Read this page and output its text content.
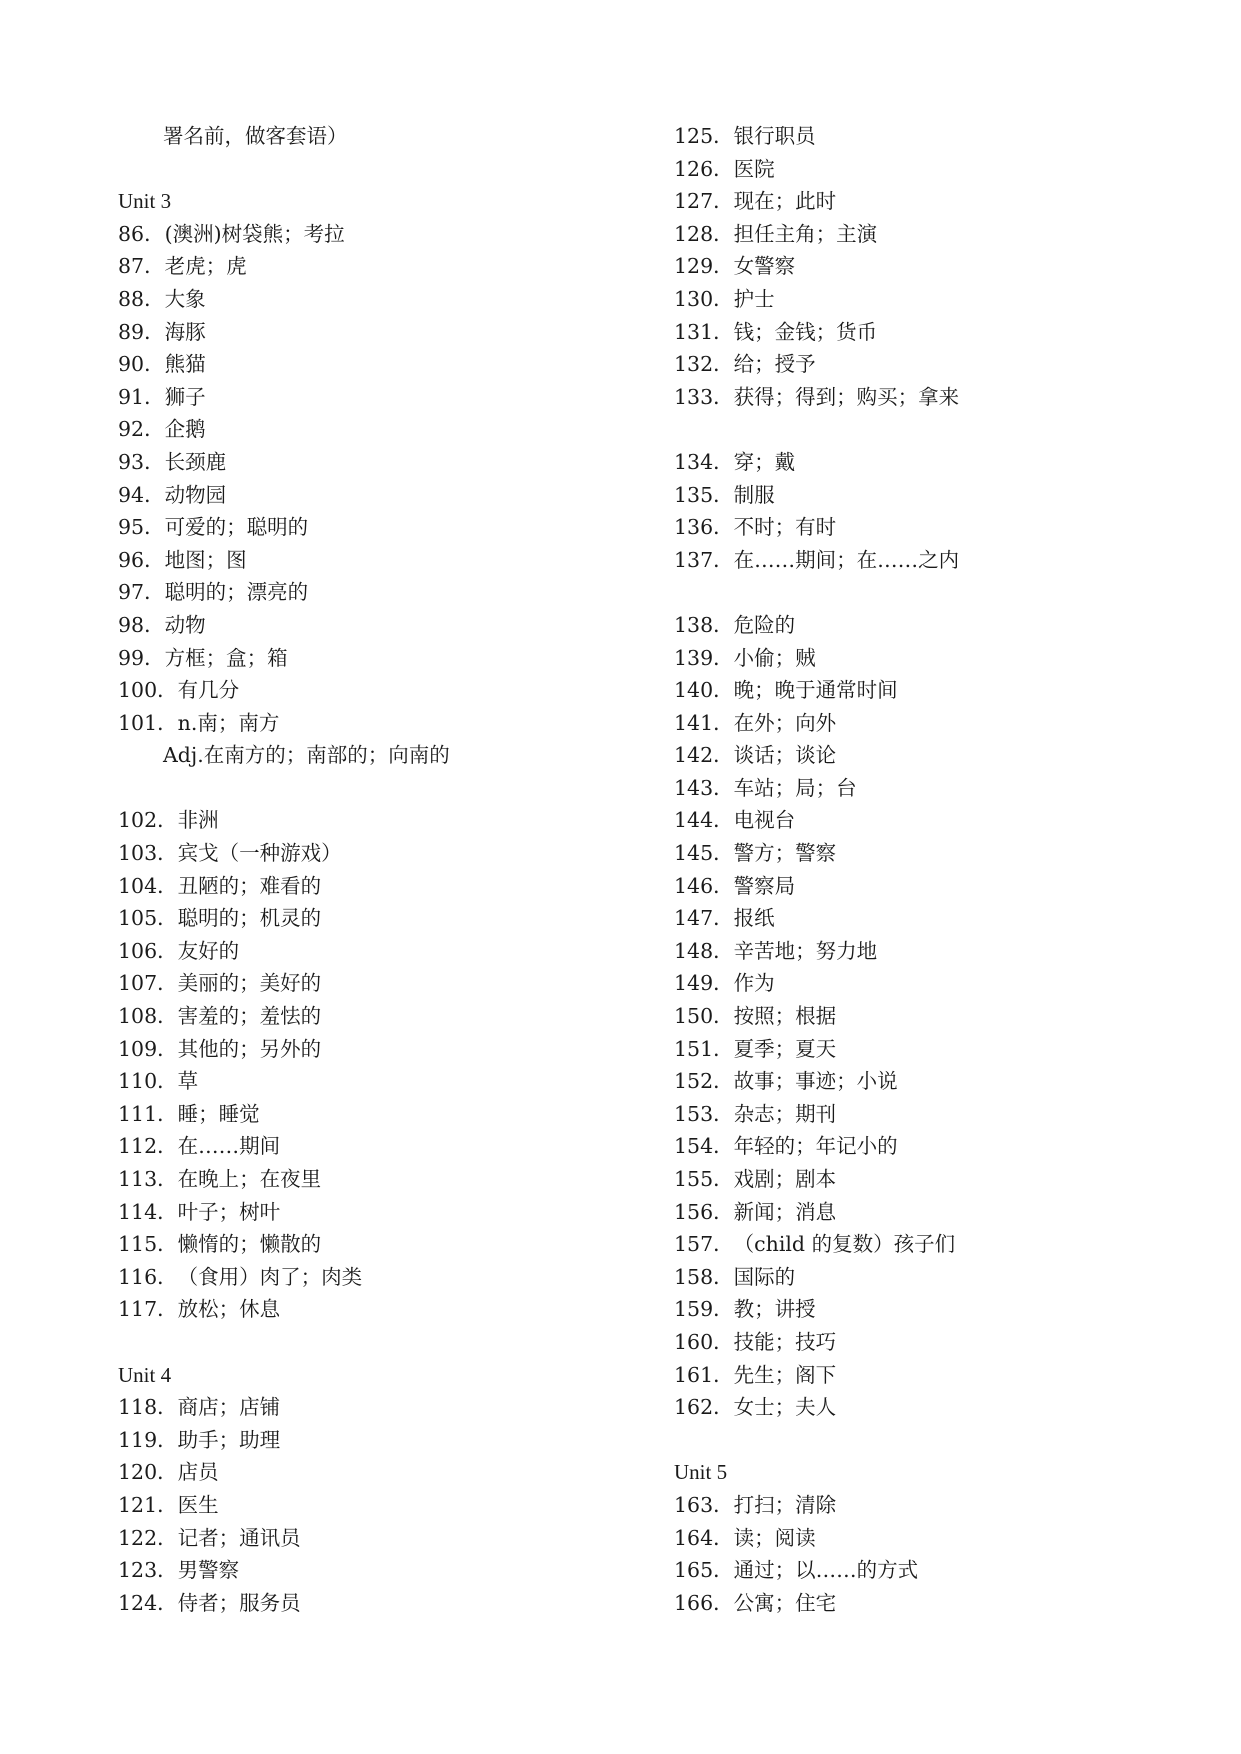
署名前，做客套语）
Unit 3
86．(澳洲)树袋熊；考拉
87．老虎；虎
88．大象
89．海豚
90．熊猫
91．狮子
92．企鹅
93．长颈鹿
94．动物园
95．可爱的；聪明的
96．地图；图
97．聪明的；漂亮的
98．动物
99．方框；盒；箱
100．有几分
101．n.南；南方
Adj.在南方的；南部的；向南的
102．非洲
103．宾戈（一种游戏）
104．丑陋的；难看的
105．聪明的；机灵的
106．友好的
107．美丽的；美好的
108．害羞的；羞怯的
109．其他的；另外的
110．草
111．睡；睡觉
112．在……期间
113．在晚上；在夜里
114．叶子；树叶
115．懒惰的；懒散的
116．（食用）肉了；肉类
117．放松；休息
Unit 4
118．商店；店铺
119．助手；助理
120．店员
121．医生
122．记者；通讯员
123．男警察
124．侍者；服务员
125．银行职员
126．医院
127．现在；此时
128．担任主角；主演
129．女警察
130．护士
131．钱；金钱；货币
132．给；授予
133．获得；得到；购买；拿来
134．穿；戴
135．制服
136．不时；有时
137．在……期间；在……之内
138．危险的
139．小偷；贼
140．晚；晚于通常时间
141．在外；向外
142．谈话；谈论
143．车站；局；台
144．电视台
145．警方；警察
146．警察局
147．报纸
148．辛苦地；努力地
149．作为
150．按照；根据
151．夏季；夏天
152．故事；事迹；小说
153．杂志；期刊
154．年轻的；年记小的
155．戏剧；剧本
156．新闻；消息
157．（child 的复数）孩子们
158．国际的
159．教；讲授
160．技能；技巧
161．先生；阁下
162．女士；夫人
Unit 5
163．打扫；清除
164．读；阅读
165．通过；以……的方式
166．公寓；住宅
